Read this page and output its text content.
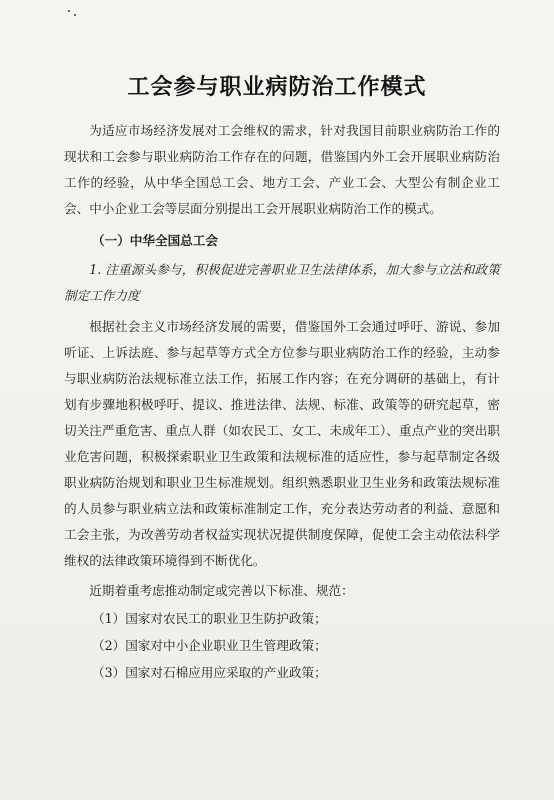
工会参与职业病防治工作模式
为适应市场经济发展对工会维权的需求，针对我国目前职业病防治工作的现状和工会参与职业病防治工作存在的问题，借鉴国内外工会开展职业病防治工作的经验，从中华全国总工会、地方工会、产业工会、大型公有制企业工会、中小企业工会等层面分别提出工会开展职业病防治工作的模式。
（一）中华全国总工会
1. 注重源头参与，积极促进完善职业卫生法律体系，加大参与立法和政策制定工作力度
根据社会主义市场经济发展的需要，借鉴国外工会通过呼吁、游说、参加听证、上诉法庭、参与起草等方式全方位参与职业病防治工作的经验，主动参与职业病防治法规标准立法工作，拓展工作内容；在充分调研的基础上，有计划有步骤地积极呼吁、提议、推进法律、法规、标准、政策等的研究起草，密切关注严重危害、重点人群（如农民工、女工、未成年工）、重点产业的突出职业危害问题，积极探索职业卫生政策和法规标准的适应性，参与起草制定各级职业病防治规划和职业卫生标准规划。组织熟悉职业卫生业务和政策法规标准的人员参与职业病立法和政策标准制定工作，充分表达劳动者的利益、意愿和工会主张，为改善劳动者权益实现状况提供制度保障，促使工会主动依法科学维权的法律政策环境得到不断优化。
近期着重考虑推动制定或完善以下标准、规范：
（1）国家对农民工的职业卫生防护政策；
（2）国家对中小企业职业卫生管理政策；
（3）国家对石棉应用应采取的产业政策；
